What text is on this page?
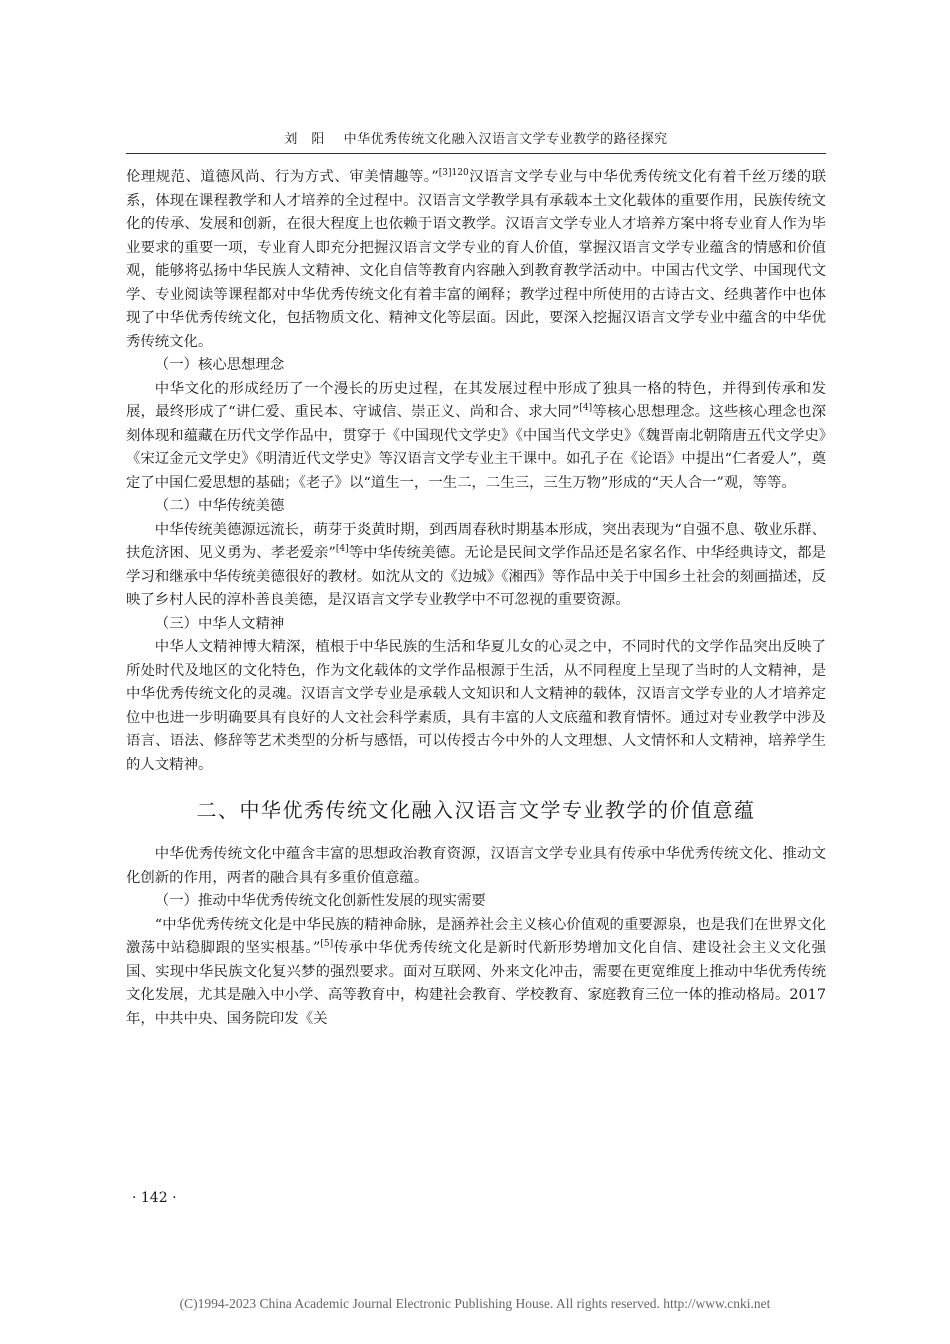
刘　阳 中华优秀传统文化融入汉语言文学专业教学的路径探究

伦理规范、道德风尚、行为方式、审美情趣等。”$^{[3]120}$汉语言文学专业与中华优秀传统文化有着千丝万缕的联系，体现在课程教学和人才培养的全过程中。汉语言文学教学具有承载本土文化载体的重要作用，民族传统文化的传承、发展和创新，在很大程度上也依赖于语文教学。汉语言文学专业人才培养方案中将专业育人作为毕业要求的重要一项，专业育人即充分把握汉语言文学专业的育人价值，掌握汉语言文学专业蕴含的情感和价值观，能够将弘扬中华民族人文精神、文化自信等教育内容融入到教育教学活动中。中国古代文学、中国现代文学、专业阅读等课程都对中华优秀传统文化有着丰富的阐释；教学过程中所使用的古诗古文、经典著作中也体现了中华优秀传统文化，包括物质文化、精神文化等层面。因此，要深入挖掘汉语言文学专业中蕴含的中华优秀传统文化。

（一）核心思想理念

中华文化的形成经历了一个漫长的历史过程，在其发展过程中形成了独具一格的特色，并得到传承和发展，最终形成了“讲仁爱、重民本、守诚信、崇正义、尚和合、求大同”[4]等核心思想理念。这些核心理念也深刻体现和蕴藏在历代文学作品中，贯穿于《中国现代文学史》《中国当代文学史》《魏晋南北朝隋唐五代文学史》《宋辽金元文学史》《明清近代文学史》等汉语言文学专业主干课中。如孔子在《论语》中提出“仁者爱人”，奠定了中国仁爱思想的基础；《老子》以“道生一，一生二，二生三，三生万物”形成的“天人合一”观，等等。

（二）中华传统美德

中华传统美德源远流长，萌芽于炎黄时期，到西周春秋时期基本形成，突出表现为“自强不息、敬业乐群、扶危济困、见义勇为、孝老爱亲”[4]等中华传统美德。无论是民间文学作品还是名家名作、中华经典诗文，都是学习和继承中华传统美德很好的教材。如沈从文的《边城》《湘西》等作品中关于中国乡土社会的刻画描述，反映了乡村人民的淳朴善良美德，是汉语言文学专业教学中不可忽视的重要资源。

（三）中华人文精神

中华人文精神博大精深，植根于中华民族的生活和华夏儿女的心灵之中，不同时代的文学作品突出反映了所处时代及地区的文化特色，作为文化载体的文学作品根源于生活，从不同程度上呈现了当时的人文精神，是中华优秀传统文化的灵魂。汉语言文学专业是承载人文知识和人文精神的载体，汉语言文学专业的人才培养定位中也进一步明确要具有良好的人文社会科学素质，具有丰富的人文底蕴和教育情怀。通过对专业教学中涉及语言、语法、修辞等艺术类型的分析与感悟，可以传授古今中外的人文理想、人文情怀和人文精神，培养学生的人文精神。

二、中华优秀传统文化融入汉语言文学专业教学的价值意蕴

中华优秀传统文化中蕴含丰富的思想政治教育资源，汉语言文学专业具有传承中华优秀传统文化、推动文化创新的作用，两者的融合具有多重价值意蕴。

（一）推动中华优秀传统文化创新性发展的现实需要

“中华优秀传统文化是中华民族的精神命脉，是涵养社会主义核心价值观的重要源泉，也是我们在世界文化激荡中站稳脚跟的坚实根基。”[5]传承中华优秀传统文化是新时代新形势增加文化自信、建设社会主义文化强国、实现中华民族文化复兴梦的强烈要求。面对互联网、外来文化冲击，需要在更宽维度上推动中华优秀传统文化发展，尤其是融入中小学、高等教育中，构建社会教育、学校教育、家庭教育三位一体的推动格局。2017 年，中共中央、国务院印发《关

· 142 ·
(C)1994-2023 China Academic Journal Electronic Publishing House. All rights reserved. http://www.cnki.net
